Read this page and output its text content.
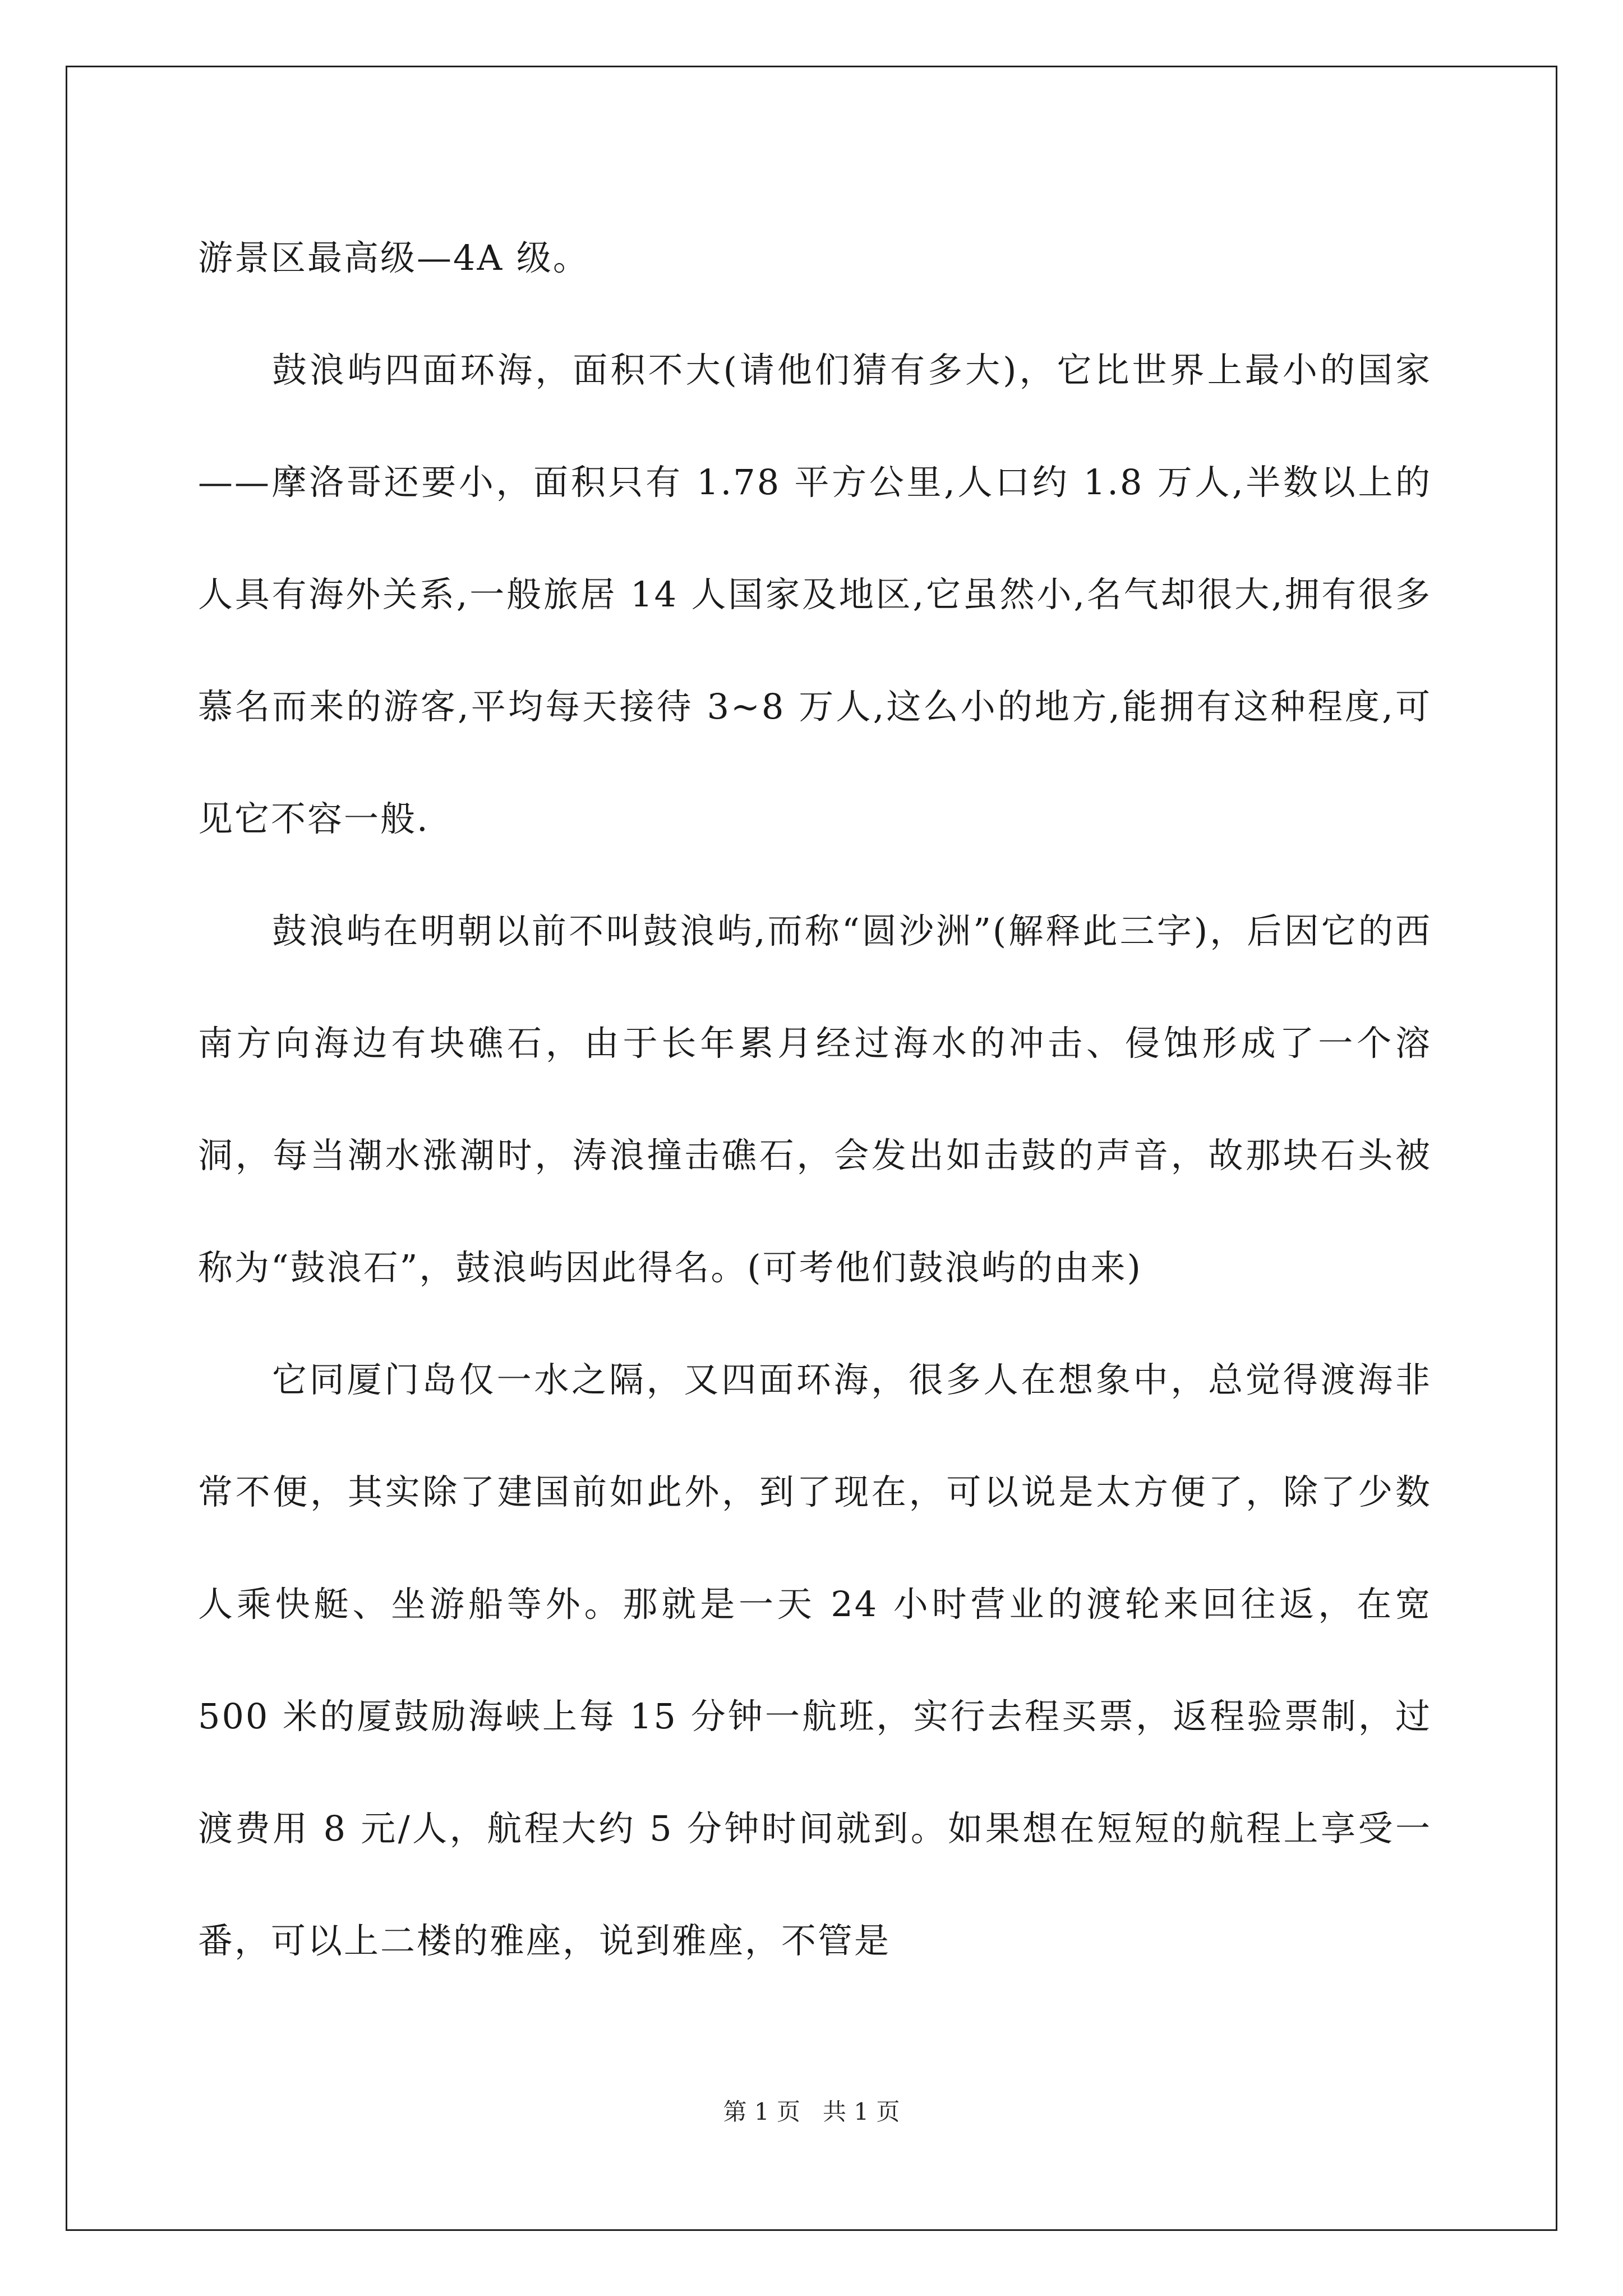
游景区最高级—4A 级。

鼓浪屿四面环海，面积不大(请他们猜有多大)，它比世界上最小的国家——摩洛哥还要小，面积只有 1.78 平方公里,人口约 1.8 万人,半数以上的人具有海外关系,一般旅居 14 人国家及地区,它虽然小,名气却很大,拥有很多慕名而来的游客,平均每天接待 3~8 万人,这么小的地方,能拥有这种程度,可见它不容一般.

鼓浪屿在明朝以前不叫鼓浪屿,而称“圆沙洲”(解释此三字)，后因它的西南方向海边有块礁石，由于长年累月经过海水的冲击、侵蚀形成了一个溶洞，每当潮水涨潮时，涛浪撞击礁石，会发出如击鼓的声音，故那块石头被称为“鼓浪石”，鼓浪屿因此得名。(可考他们鼓浪屿的由来)

它同厦门岛仅一水之隔，又四面环海，很多人在想象中，总觉得渡海非常不便，其实除了建国前如此外，到了现在，可以说是太方便了，除了少数人乘快艇、坐游船等外。那就是一天 24 小时营业的渡轮来回往返，在宽 500 米的厦鼓励海峡上每 15 分钟一航班，实行去程买票，返程验票制，过渡费用 8 元/人，航程大约 5 分钟时间就到。如果想在短短的航程上享受一番，可以上二楼的雅座，说到雅座，不管是

第 1 页 共 1 页
